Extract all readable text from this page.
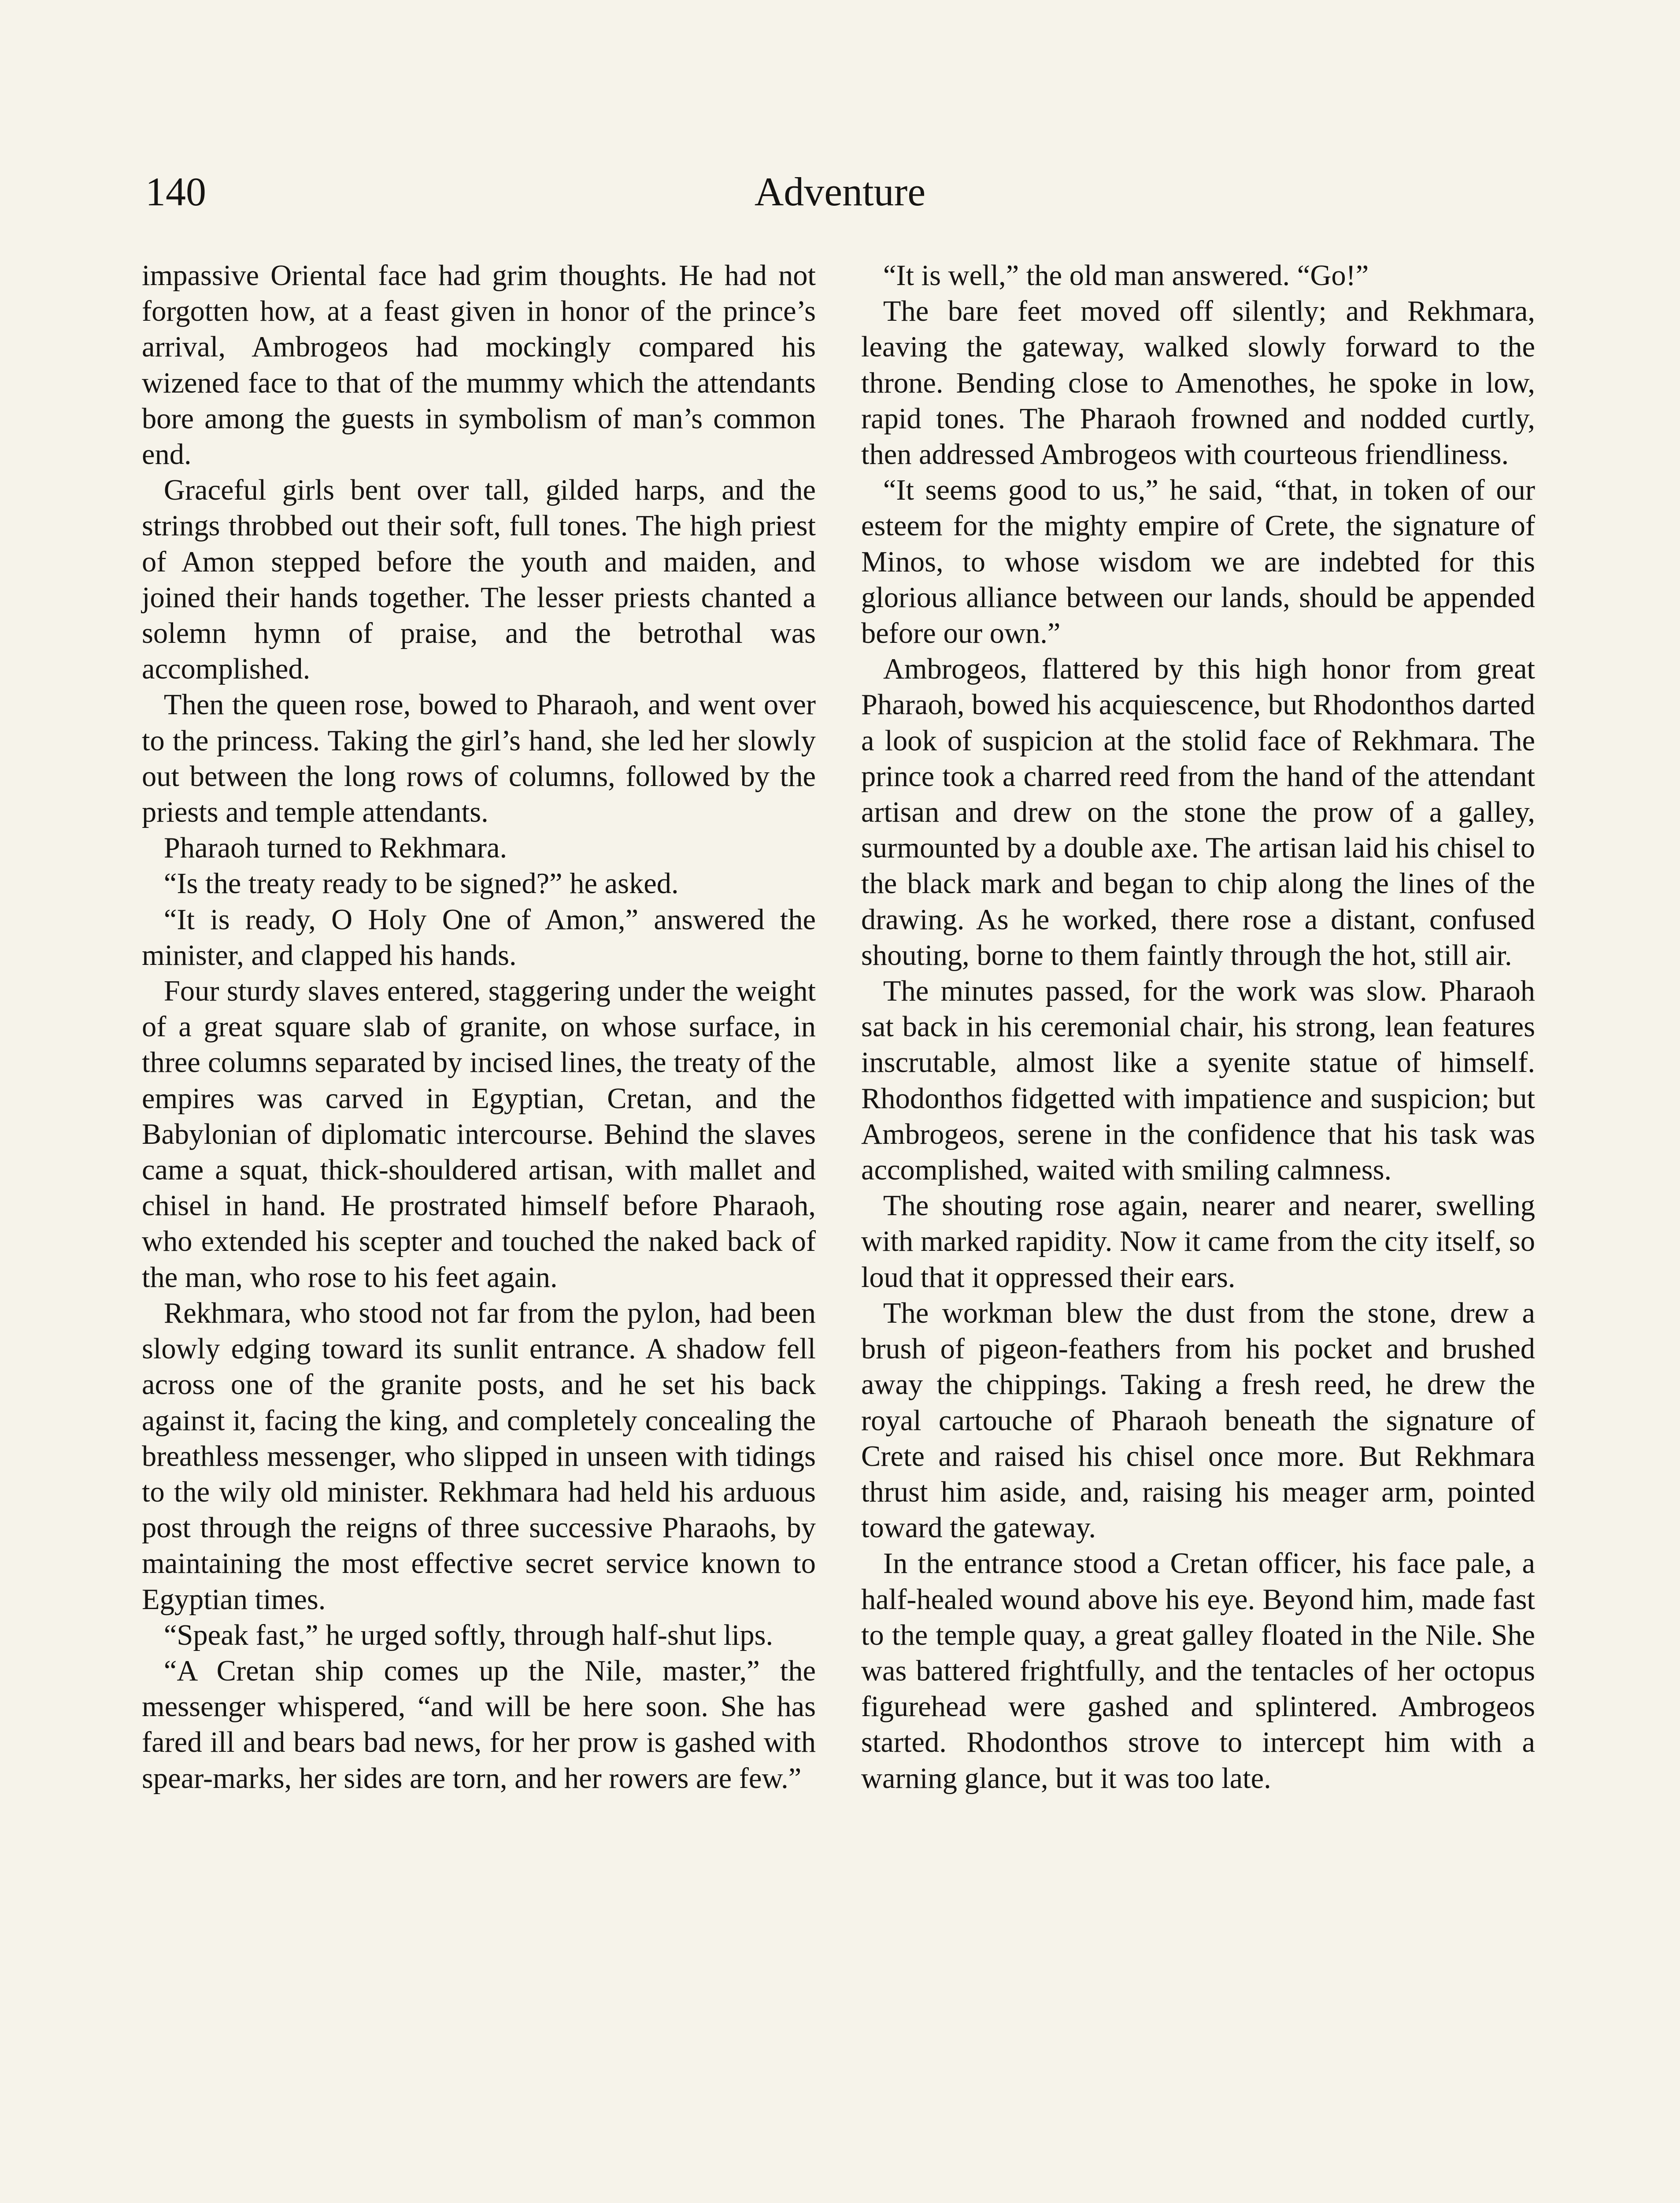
140	Adventure

impassive Oriental face had grim thoughts. He had not forgotten how, at a feast given in honor of the prince’s arrival, Ambrogeos had mockingly compared his wizened face to that of the mummy which the attendants bore among the guests in symbolism of man’s common end.

Graceful girls bent over tall, gilded harps, and the strings throbbed out their soft, full tones. The high priest of Amon stepped before the youth and maiden, and joined their hands together. The lesser priests chanted a solemn hymn of praise, and the betrothal was accomplished.

Then the queen rose, bowed to Pharaoh, and went over to the princess. Taking the girl’s hand, she led her slowly out between the long rows of columns, followed by the priests and temple attendants.

Pharaoh turned to Rekhmara.

“Is the treaty ready to be signed?” he asked.

“It is ready, O Holy One of Amon,” answered the minister, and clapped his hands.

Four sturdy slaves entered, staggering under the weight of a great square slab of granite, on whose surface, in three columns separated by incised lines, the treaty of the empires was carved in Egyptian, Cretan, and the Babylonian of diplomatic intercourse. Behind the slaves came a squat, thick-shouldered artisan, with mallet and chisel in hand. He prostrated himself before Pharaoh, who extended his scepter and touched the naked back of the man, who rose to his feet again.

Rekhmara, who stood not far from the pylon, had been slowly edging toward its sunlit entrance. A shadow fell across one of the granite posts, and he set his back against it, facing the king, and completely concealing the breathless messenger, who slipped in unseen with tidings to the wily old minister. Rekhmara had held his arduous post through the reigns of three successive Pharaohs, by maintaining the most effective secret service known to Egyptian times.

“Speak fast,” he urged softly, through half-shut lips.

“A Cretan ship comes up the Nile, master,” the messenger whispered, “and will be here soon. She has fared ill and bears bad news, for her prow is gashed with spear-marks, her sides are torn, and her rowers are few.”

“It is well,” the old man answered. “Go!”

The bare feet moved off silently; and Rekhmara, leaving the gateway, walked slowly forward to the throne. Bending close to Amenothes, he spoke in low, rapid tones. The Pharaoh frowned and nodded curtly, then addressed Ambrogeos with courteous friendliness.

“It seems good to us,” he said, “that, in token of our esteem for the mighty empire of Crete, the signature of Minos, to whose wisdom we are indebted for this glorious alliance between our lands, should be appended before our own.”

Ambrogeos, flattered by this high honor from great Pharaoh, bowed his acquiescence, but Rhodonthos darted a look of suspicion at the stolid face of Rekhmara. The prince took a charred reed from the hand of the attendant artisan and drew on the stone the prow of a galley, surmounted by a double axe. The artisan laid his chisel to the black mark and began to chip along the lines of the drawing. As he worked, there rose a distant, confused shouting, borne to them faintly through the hot, still air.

The minutes passed, for the work was slow. Pharaoh sat back in his ceremonial chair, his strong, lean features inscrutable, almost like a syenite statue of himself. Rhodonthos fidgetted with impatience and suspicion; but Ambrogeos, serene in the confidence that his task was accomplished, waited with smiling calmness.

The shouting rose again, nearer and nearer, swelling with marked rapidity. Now it came from the city itself, so loud that it oppressed their ears.

The workman blew the dust from the stone, drew a brush of pigeon-feathers from his pocket and brushed away the chippings. Taking a fresh reed, he drew the royal cartouche of Pharaoh beneath the signature of Crete and raised his chisel once more. But Rekhmara thrust him aside, and, raising his meager arm, pointed toward the gateway.

In the entrance stood a Cretan officer, his face pale, a half-healed wound above his eye. Beyond him, made fast to the temple quay, a great galley floated in the Nile. She was battered frightfully, and the tentacles of her octopus figurehead were gashed and splintered. Ambrogeos started. Rhodonthos strove to intercept him with a warning glance, but it was too late.
